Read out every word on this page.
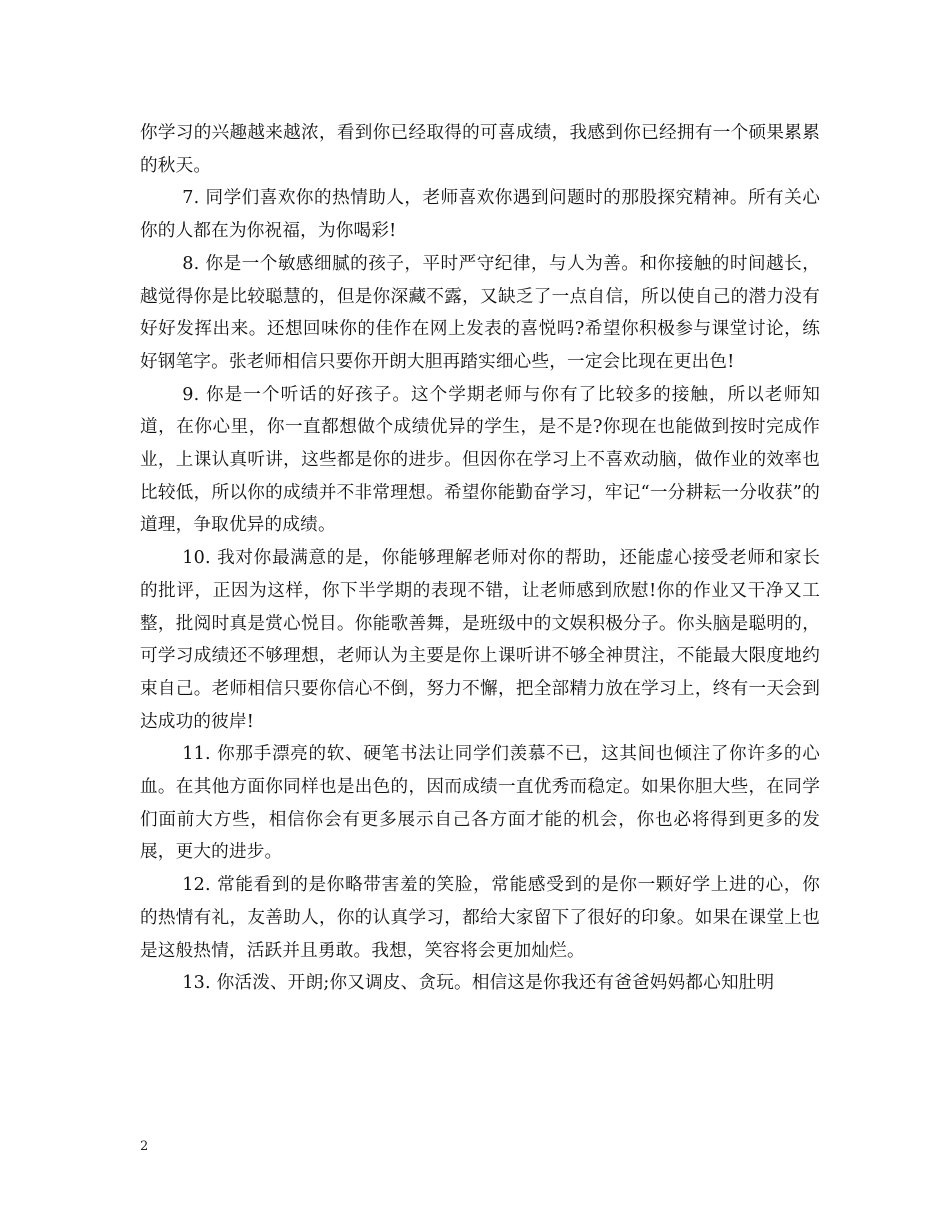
你学习的兴趣越来越浓，看到你已经取得的可喜成绩，我感到你已经拥有一个硕果累累的秋天。

7. 同学们喜欢你的热情助人，老师喜欢你遇到问题时的那股探究精神。所有关心你的人都在为你祝福，为你喝彩!

8. 你是一个敏感细腻的孩子，平时严守纪律，与人为善。和你接触的时间越长，越觉得你是比较聪慧的，但是你深藏不露，又缺乏了一点自信，所以使自己的潜力没有好好发挥出来。还想回味你的佳作在网上发表的喜悦吗?希望你积极参与课堂讨论，练好钢笔字。张老师相信只要你开朗大胆再踏实细心些，一定会比现在更出色!

9. 你是一个听话的好孩子。这个学期老师与你有了比较多的接触，所以老师知道，在你心里，你一直都想做个成绩优异的学生，是不是?你现在也能做到按时完成作业，上课认真听讲，这些都是你的进步。但因你在学习上不喜欢动脑，做作业的效率也比较低，所以你的成绩并不非常理想。希望你能勤奋学习，牢记“一分耕耘一分收获”的道理，争取优异的成绩。

10. 我对你最满意的是，你能够理解老师对你的帮助，还能虚心接受老师和家长的批评，正因为这样，你下半学期的表现不错，让老师感到欣慰!你的作业又干净又工整，批阅时真是赏心悦目。你能歌善舞，是班级中的文娱积极分子。你头脑是聪明的，可学习成绩还不够理想，老师认为主要是你上课听讲不够全神贯注，不能最大限度地约束自己。老师相信只要你信心不倒，努力不懈，把全部精力放在学习上，终有一天会到达成功的彼岸!

11. 你那手漂亮的软、硬笔书法让同学们羡慕不已，这其间也倾注了你许多的心血。在其他方面你同样也是出色的，因而成绩一直优秀而稳定。如果你胆大些，在同学们面前大方些，相信你会有更多展示自己各方面才能的机会，你也必将得到更多的发展，更大的进步。

12. 常能看到的是你略带害羞的笑脸，常能感受到的是你一颗好学上进的心，你的热情有礼，友善助人，你的认真学习，都给大家留下了很好的印象。如果在课堂上也是这般热情，活跃并且勇敢。我想，笑容将会更加灿烂。

13. 你活泼、开朗;你又调皮、贪玩。相信这是你我还有爸爸妈妈都心知肚明

2
